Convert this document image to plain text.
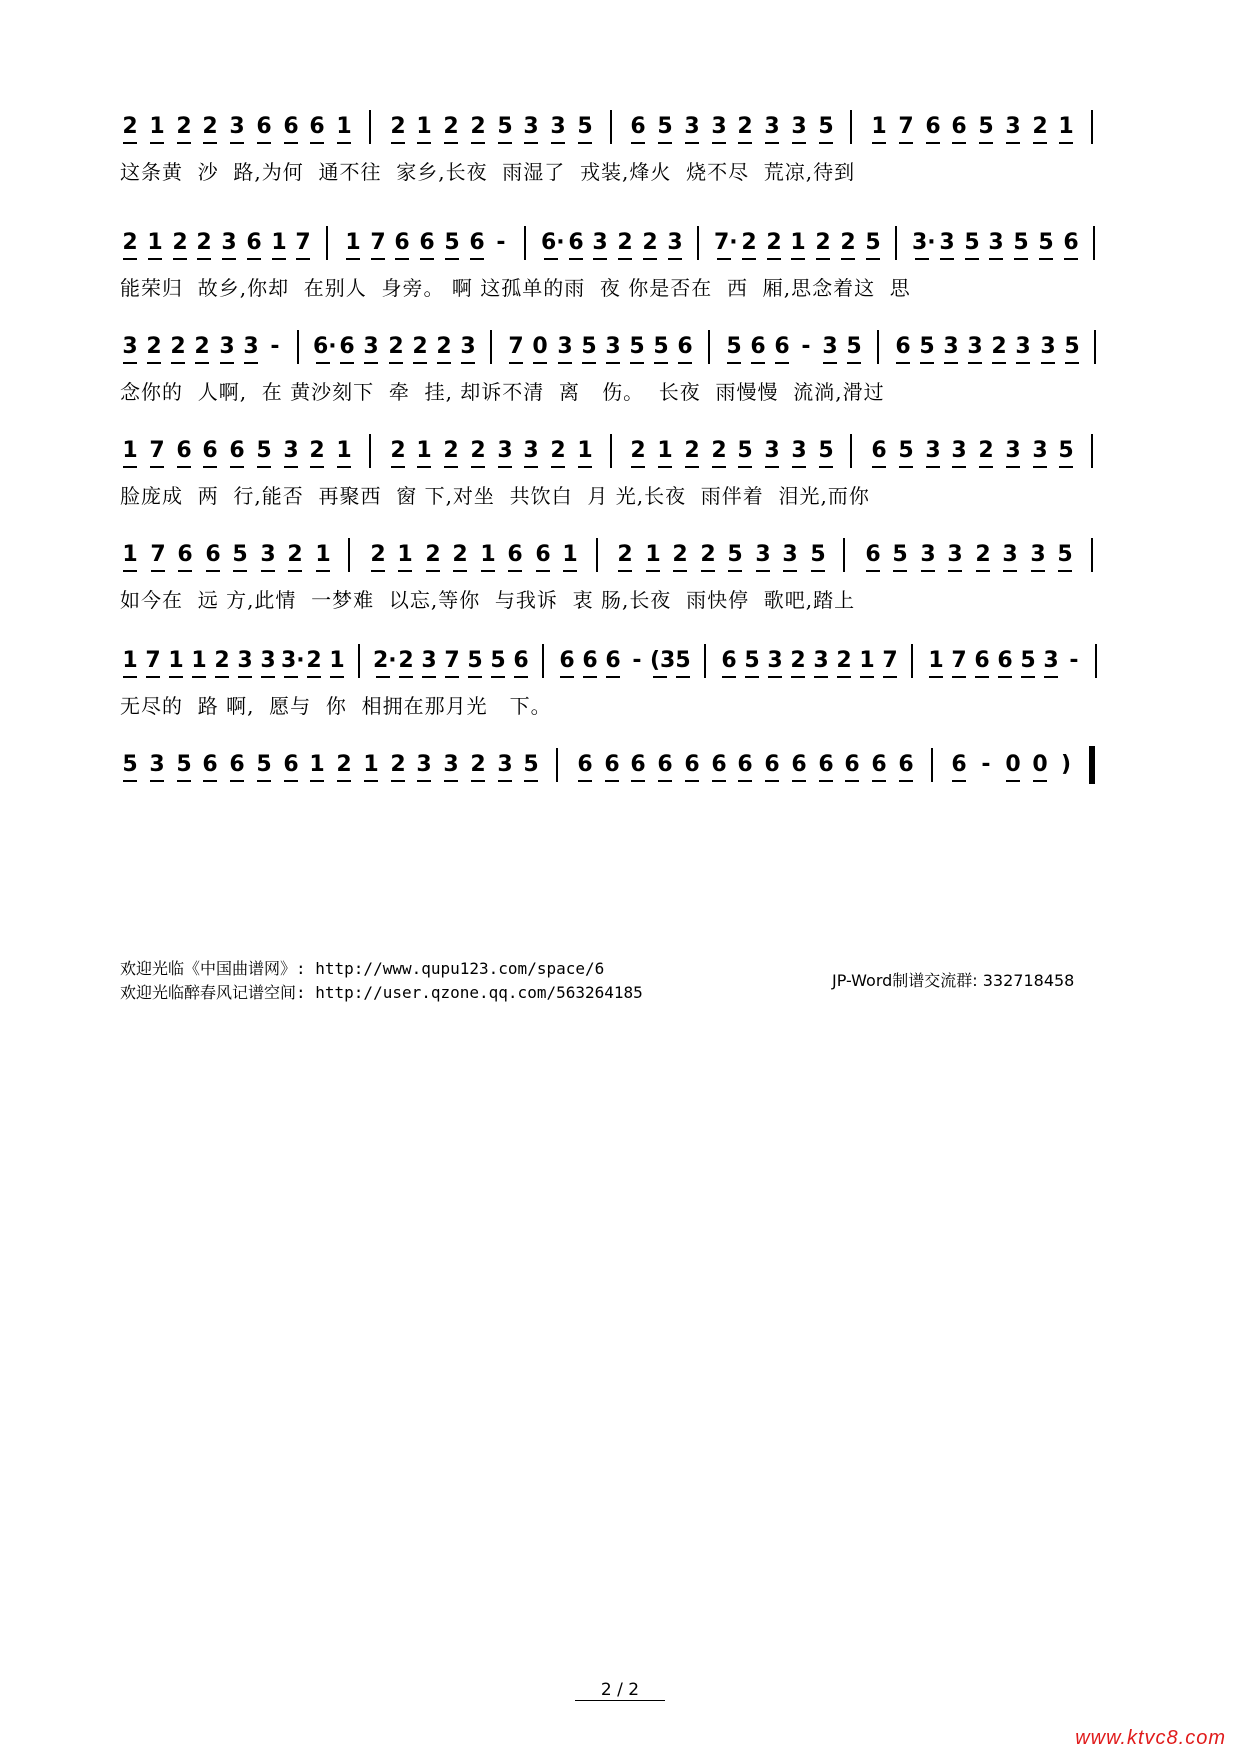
2 1 2 2 3 6 6 6 1 2 1 2 2 5 3 3 5 6 5 3 3 2 3 3 5 1 7 6 6 5 3 2 1
这条黄  沙  路,为何  通不往  家乡,长夜  雨湿了  戎装,烽火  烧不尽  荒凉,待到
2 1 2 2 3 6 1 7 1 7 6 6 5 6 - 6· 6 3 2 2 3 7· 2 2 1 2 2 5 3· 3 5 3 5 5 6
能荣归  故乡,你却  在别人  身旁。 啊 这孤单的雨  夜 你是否在  西  厢,思念着这  思
3 2 2 2 3 3 - 6· 6 3 2 2 2 3 7 0 3 5 3 5 5 6 5 6 6 - 3 5 6 5 3 3 2 3 3 5
念你的  人啊,  在 黄沙刻下  牵  挂, 却诉不清  离   伤。  长夜  雨慢慢  流淌,滑过
1 7 6 6 6 5 3 2 1 2 1 2 2 3 3 2 1 2 1 2 2 5 3 3 5 6 5 3 3 2 3 3 5
脸庞成  两  行,能否  再聚西  窗 下,对坐  共饮白  月 光,长夜  雨伴着  泪光,而你
1 7 6 6 5 3 2 1 2 1 2 2 1 6 6 1 2 1 2 2 5 3 3 5 6 5 3 3 2 3 3 5
如今在  远 方,此情  一梦难  以忘,等你  与我诉  衷 肠,长夜  雨快停  歌吧,踏上
1 7 1 1 2 3 3 3· 2 1 2· 2 3 7 5 5 6 6 6 6 - (3 5 6 5 3 2 3 2 1 7 1 7 6 6 5 3 -
无尽的  路 啊,  愿与  你  相拥在那月光   下。
5 3 5 6 6 5 6 1 2 1 2 3 3 2 3 5 6 6 6 6 6 6 6 6 6 6 6 6 6 6 - 0 0 )
欢迎光临《中国曲谱网》: http://www.qupu123.com/space/6
欢迎光临醉春风记谱空间: http://user.qzone.qq.com/563264185
JP-Word制谱交流群: 332718458
2 / 2
www.ktvc8.com
